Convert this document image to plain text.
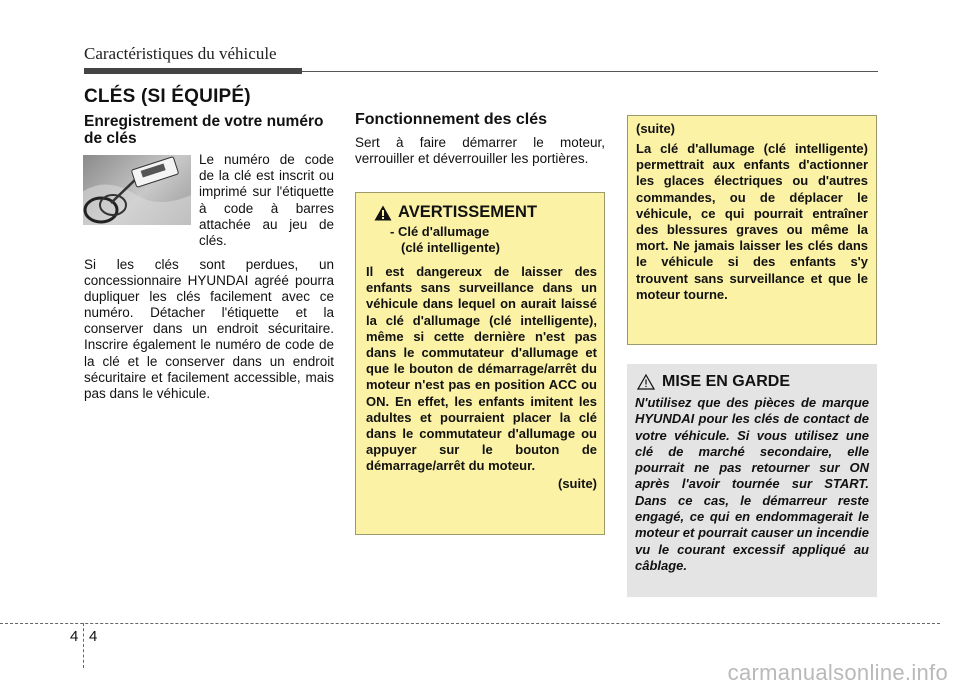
Caractéristiques du véhicule
CLÉS (SI ÉQUIPÉ)
Enregistrement de votre numéro de clés
Le numéro de code de la clé est inscrit ou imprimé sur l'étiquette à code à barres attachée au jeu de clés.
Si les clés sont perdues, un concessionnaire HYUNDAI agréé pourra dupliquer les clés facilement avec ce numéro. Détacher l'étiquette et la conserver dans un endroit sécuritaire. Inscrire également le numéro de code de la clé et le conserver dans un endroit sécuritaire et facilement accessible, mais pas dans le véhicule.
Fonctionnement des clés
Sert à faire démarrer le moteur, verrouiller et déverrouiller les portières.
AVERTISSEMENT
- Clé d'allumage
(clé intelligente)
Il est dangereux de laisser des enfants sans surveillance dans un véhicule dans lequel on aurait laissé la clé d'allumage (clé intelligente), même si cette dernière n'est pas dans le commutateur d'allumage et que le bouton de démarrage/arrêt du moteur n'est pas en position ACC ou ON. En effet, les enfants imitent les adultes et pourraient placer la clé dans le commutateur d'allumage ou appuyer sur le bouton de démarrage/arrêt du moteur.
(suite)
(suite)
La clé d'allumage (clé intelligente) permettrait aux enfants d'actionner les glaces électriques ou d'autres commandes, ou de déplacer le véhicule, ce qui pourrait entraîner des blessures graves ou même la mort. Ne jamais laisser les clés dans le véhicule si des enfants s'y trouvent sans surveillance et que le moteur tourne.
MISE EN GARDE
N'utilisez que des pièces de marque HYUNDAI pour les clés de contact de votre véhicule. Si vous utilisez une clé de marché secondaire, elle pourrait ne pas retourner sur ON après l'avoir tournée sur START. Dans ce cas, le démarreur reste engagé, ce qui en endommagerait le moteur et pourrait causer un incendie vu le courant excessif appliqué au câblage.
4 4
carmanualsonline.info
